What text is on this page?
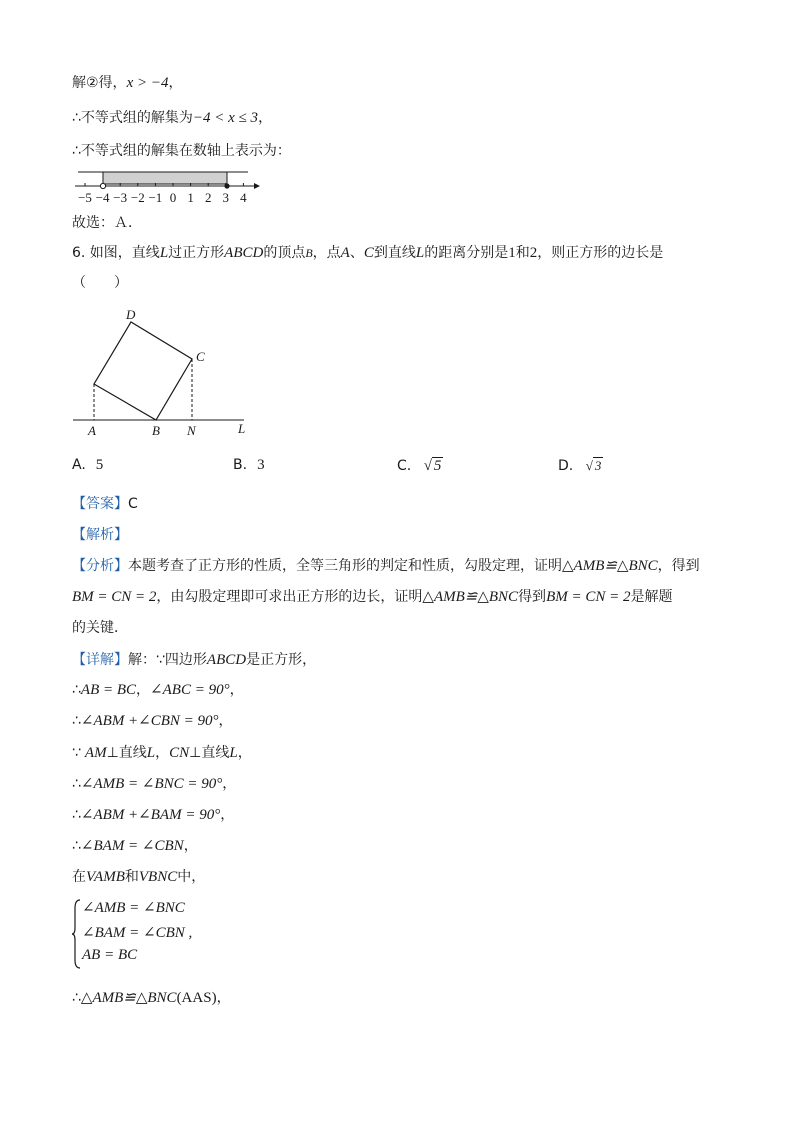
解②得，x > −4，
∴不等式组的解集为−4 < x ≤ 3，
∴不等式组的解集在数轴上表示为：
−5 −4 −3 −2 −1 0 1 2 3 4
故选：Ａ．
6. 如图，直线L过正方形ABCD的顶点B，点A、C到直线L的距离分别是1和2，则正方形的边长是
（　　）
D
C
A	B N	L
A. 5	B. 3	C. √ 5	D. √ 3
【答案】C
【解析】
【分析】本题考查了正方形的性质，全等三角形的判定和性质，勾股定理，证明△AMB≌△BNC，得到
BM = CN = 2，由勾股定理即可求出正方形的边长，证明△AMB≌△BNC得到BM = CN = 2是解题
的关键．
【详解】解：∵四边形ABCD是正方形，
∴AB = BC，∠ABC = 90°，
∴∠ABM +∠CBN = 90°，
∵ AM⊥直线L，CN⊥直线L，
∴∠AMB = ∠BNC = 90°，
∴∠ABM +∠BAM = 90°，
∴∠BAM = ∠CBN，
在VAMB和VBNC中，
∠AMB = ∠BNC
∠BAM = ∠CBN ,
AB = BC
∴△AMB≌△BNC(AAS)，
